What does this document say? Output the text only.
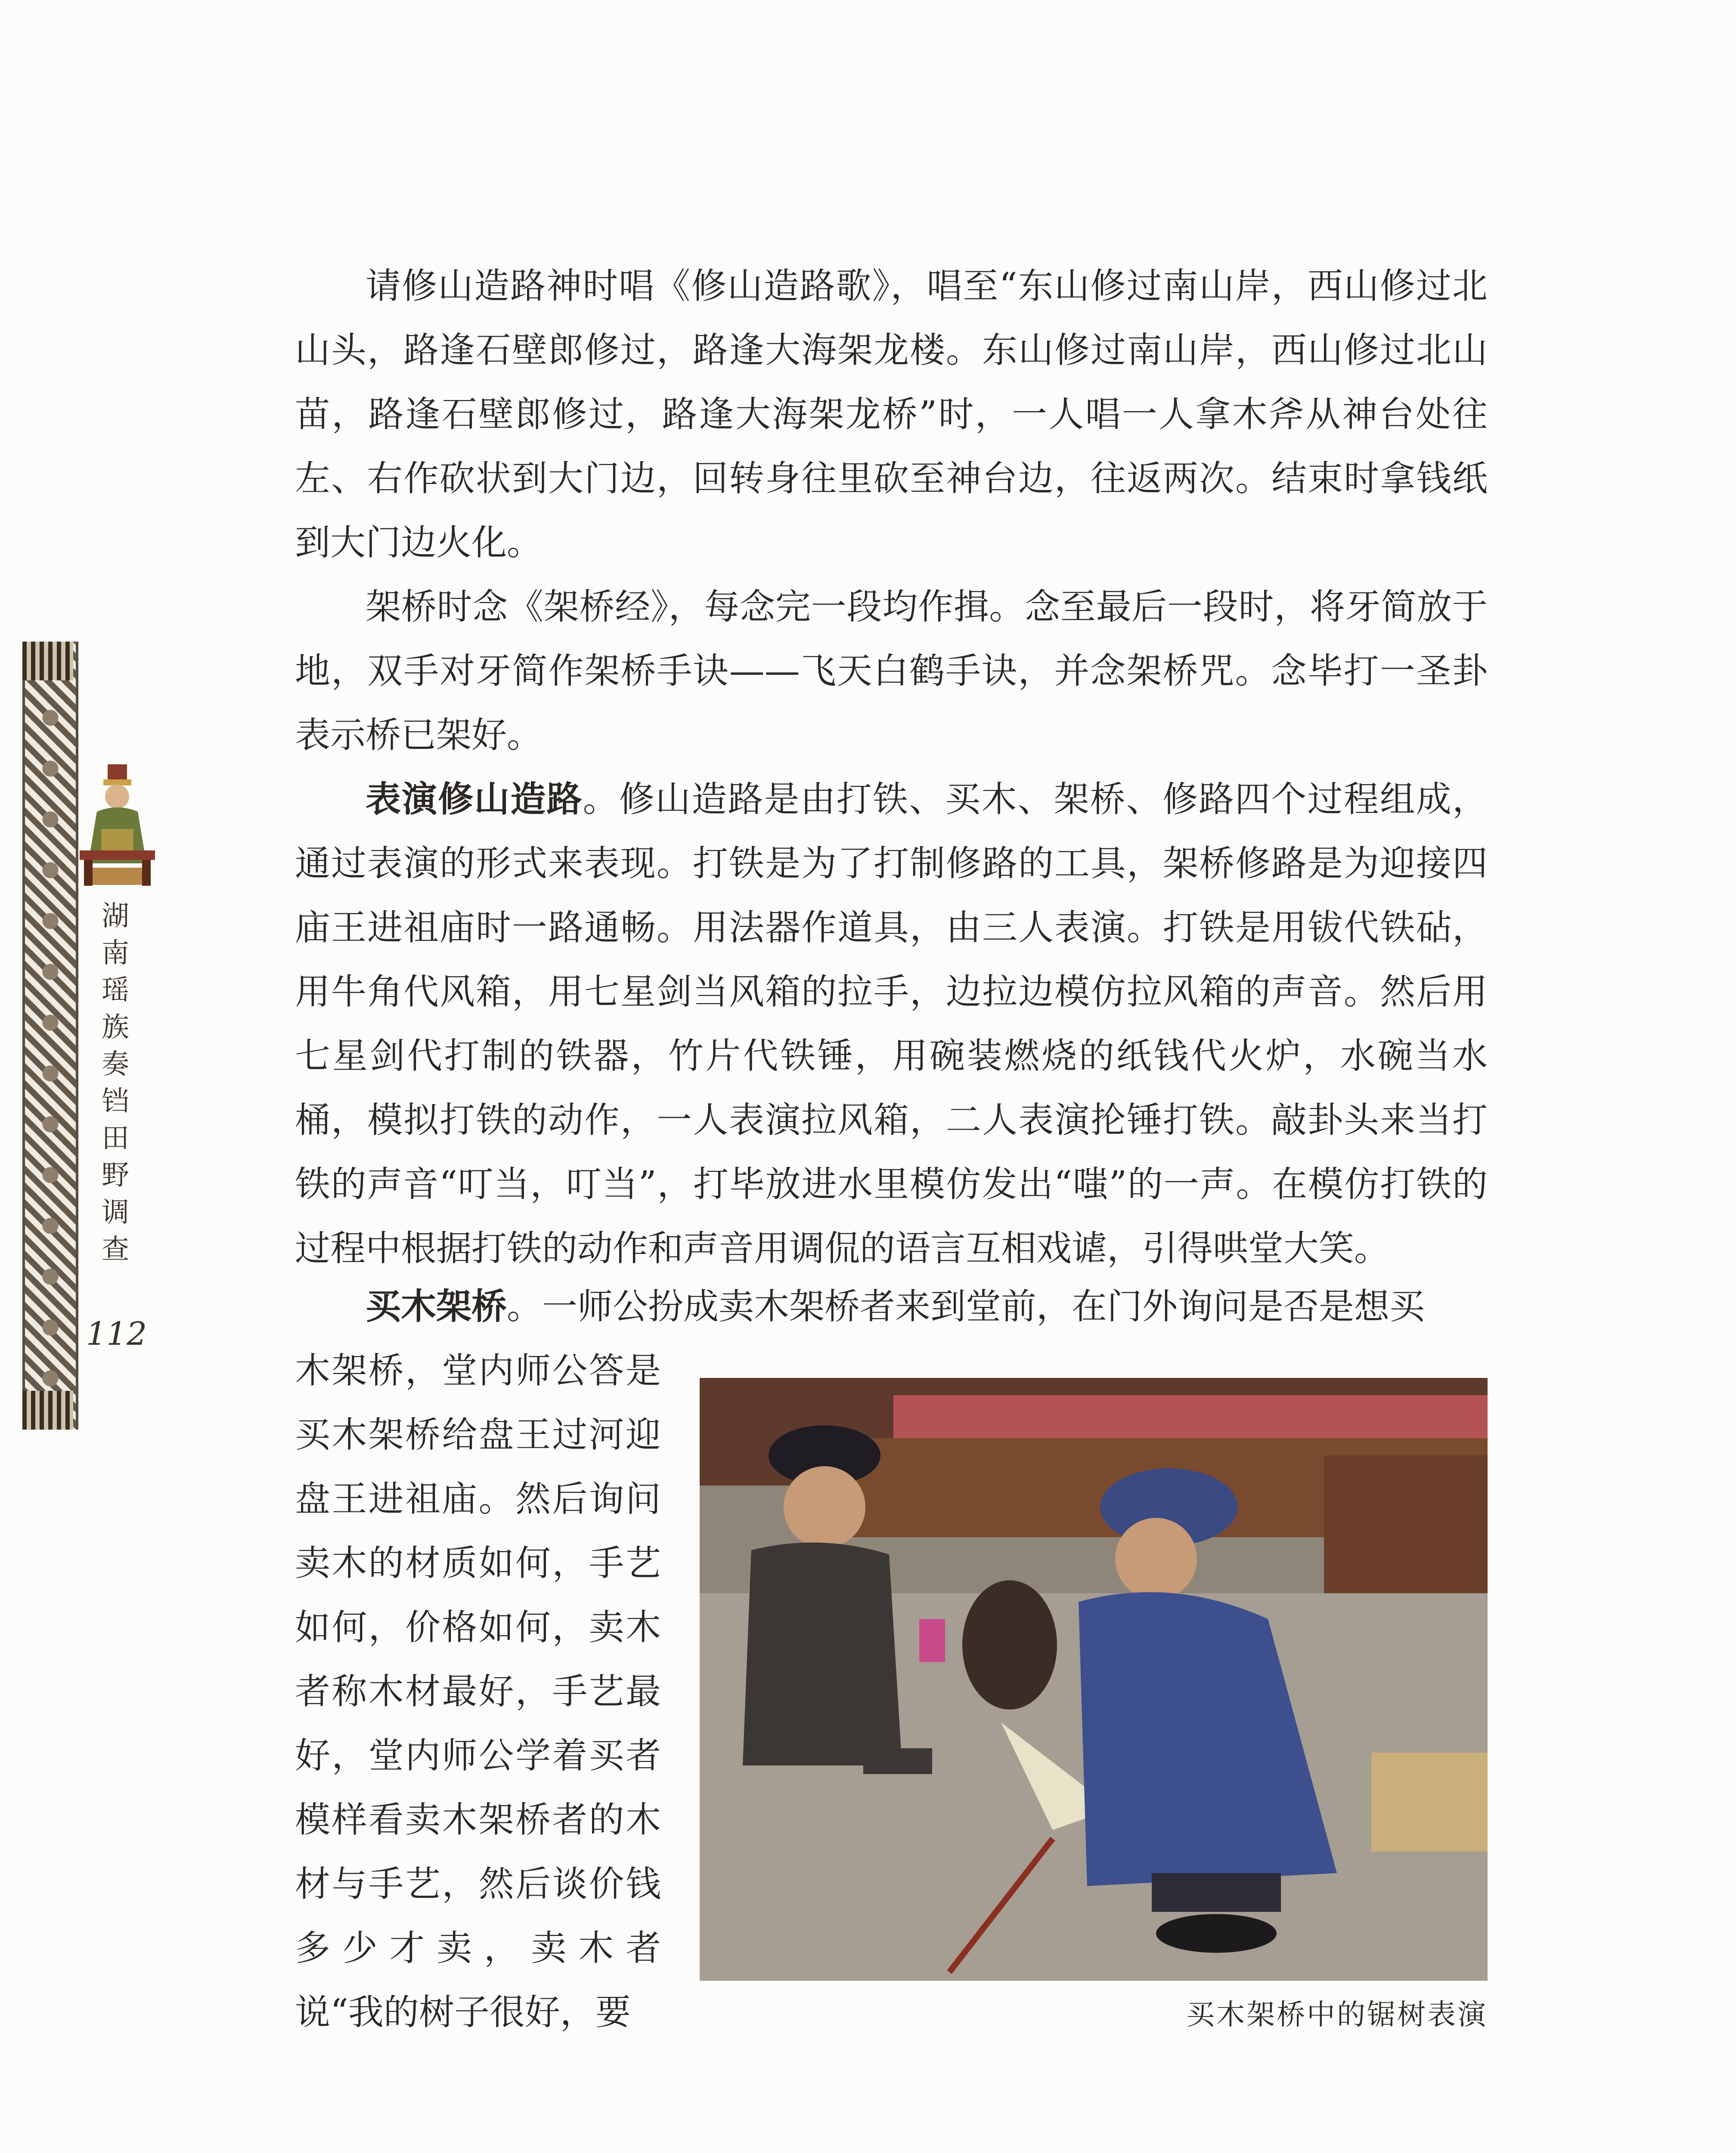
湖
南
瑶
族
奏
铛
田
野
调
查
112

请修山造路神时唱《修山造路歌》，唱至“东山修过南山岸，西山修过北山头，路逢石壁郎修过，路逢大海架龙楼。东山修过南山岸，西山修过北山苗，路逢石壁郎修过，路逢大海架龙桥”时，一人唱一人拿木斧从神台处往左、右作砍状到大门边，回转身往里砍至神台边，往返两次。结束时拿钱纸到大门边火化。

架桥时念《架桥经》，每念完一段均作揖。念至最后一段时，将牙简放于地，双手对牙简作架桥手诀——飞天白鹤手诀，并念架桥咒。念毕打一圣卦表示桥已架好。

表演修山造路。修山造路是由打铁、买木、架桥、修路四个过程组成，通过表演的形式来表现。打铁是为了打制修路的工具，架桥修路是为迎接四庙王进祖庙时一路通畅。用法器作道具，由三人表演。打铁是用钹代铁砧，用牛角代风箱，用七星剑当风箱的拉手，边拉边模仿拉风箱的声音。然后用七星剑代打制的铁器，竹片代铁锤，用碗装燃烧的纸钱代火炉，水碗当水桶，模拟打铁的动作，一人表演拉风箱，二人表演抡锤打铁。敲卦头来当打铁的声音“叮当，叮当”，打毕放进水里模仿发出“嗤”的一声。在模仿打铁的过程中根据打铁的动作和声音用调侃的语言互相戏谑，引得哄堂大笑。

买木架桥。一师公扮成卖木架桥者来到堂前，在门外询问是否是想买

木架桥，堂内师公答是买木架桥给盘王过河迎盘王进祖庙。然后询问卖木的材质如何，手艺如何，价格如何，卖木者称木材最好，手艺最好，堂内师公学着买者模样看卖木架桥者的木材与手艺，然后谈价钱多少才卖，卖木者说“我的树子很好，要	买木架桥中的锯树表演
